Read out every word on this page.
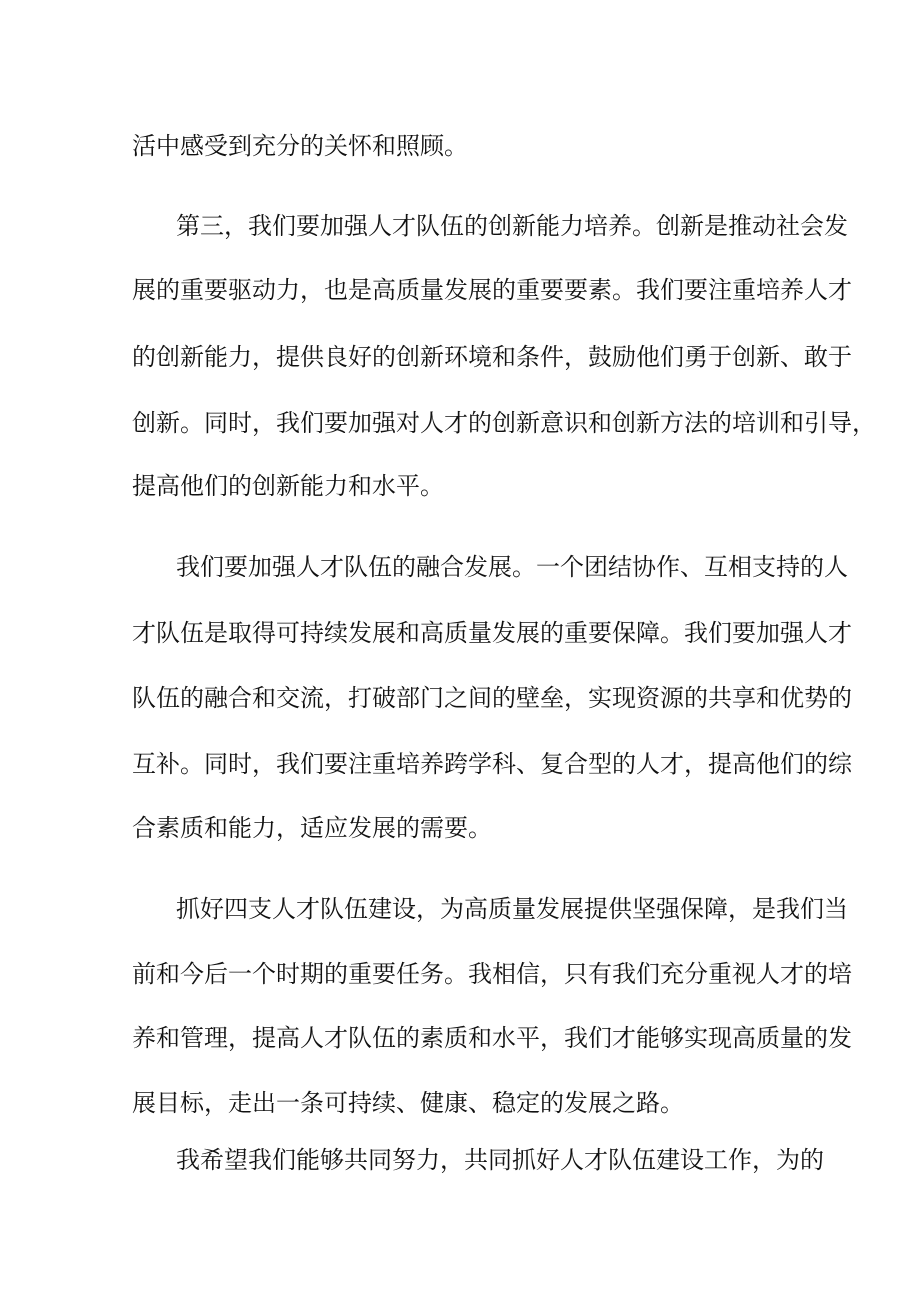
活中感受到充分的关怀和照顾。
第三，我们要加强人才队伍的创新能力培养。创新是推动社会发
展的重要驱动力，也是高质量发展的重要要素。我们要注重培养人才
的创新能力，提供良好的创新环境和条件，鼓励他们勇于创新、敢于
创新。同时，我们要加强对人才的创新意识和创新方法的培训和引导，
提高他们的创新能力和水平。
我们要加强人才队伍的融合发展。一个团结协作、互相支持的人
才队伍是取得可持续发展和高质量发展的重要保障。我们要加强人才
队伍的融合和交流，打破部门之间的壁垒，实现资源的共享和优势的
互补。同时，我们要注重培养跨学科、复合型的人才，提高他们的综
合素质和能力，适应发展的需要。
抓好四支人才队伍建设，为高质量发展提供坚强保障，是我们当
前和今后一个时期的重要任务。我相信，只有我们充分重视人才的培
养和管理，提高人才队伍的素质和水平，我们才能够实现高质量的发
展目标，走出一条可持续、健康、稳定的发展之路。
我希望我们能够共同努力，共同抓好人才队伍建设工作，为的
